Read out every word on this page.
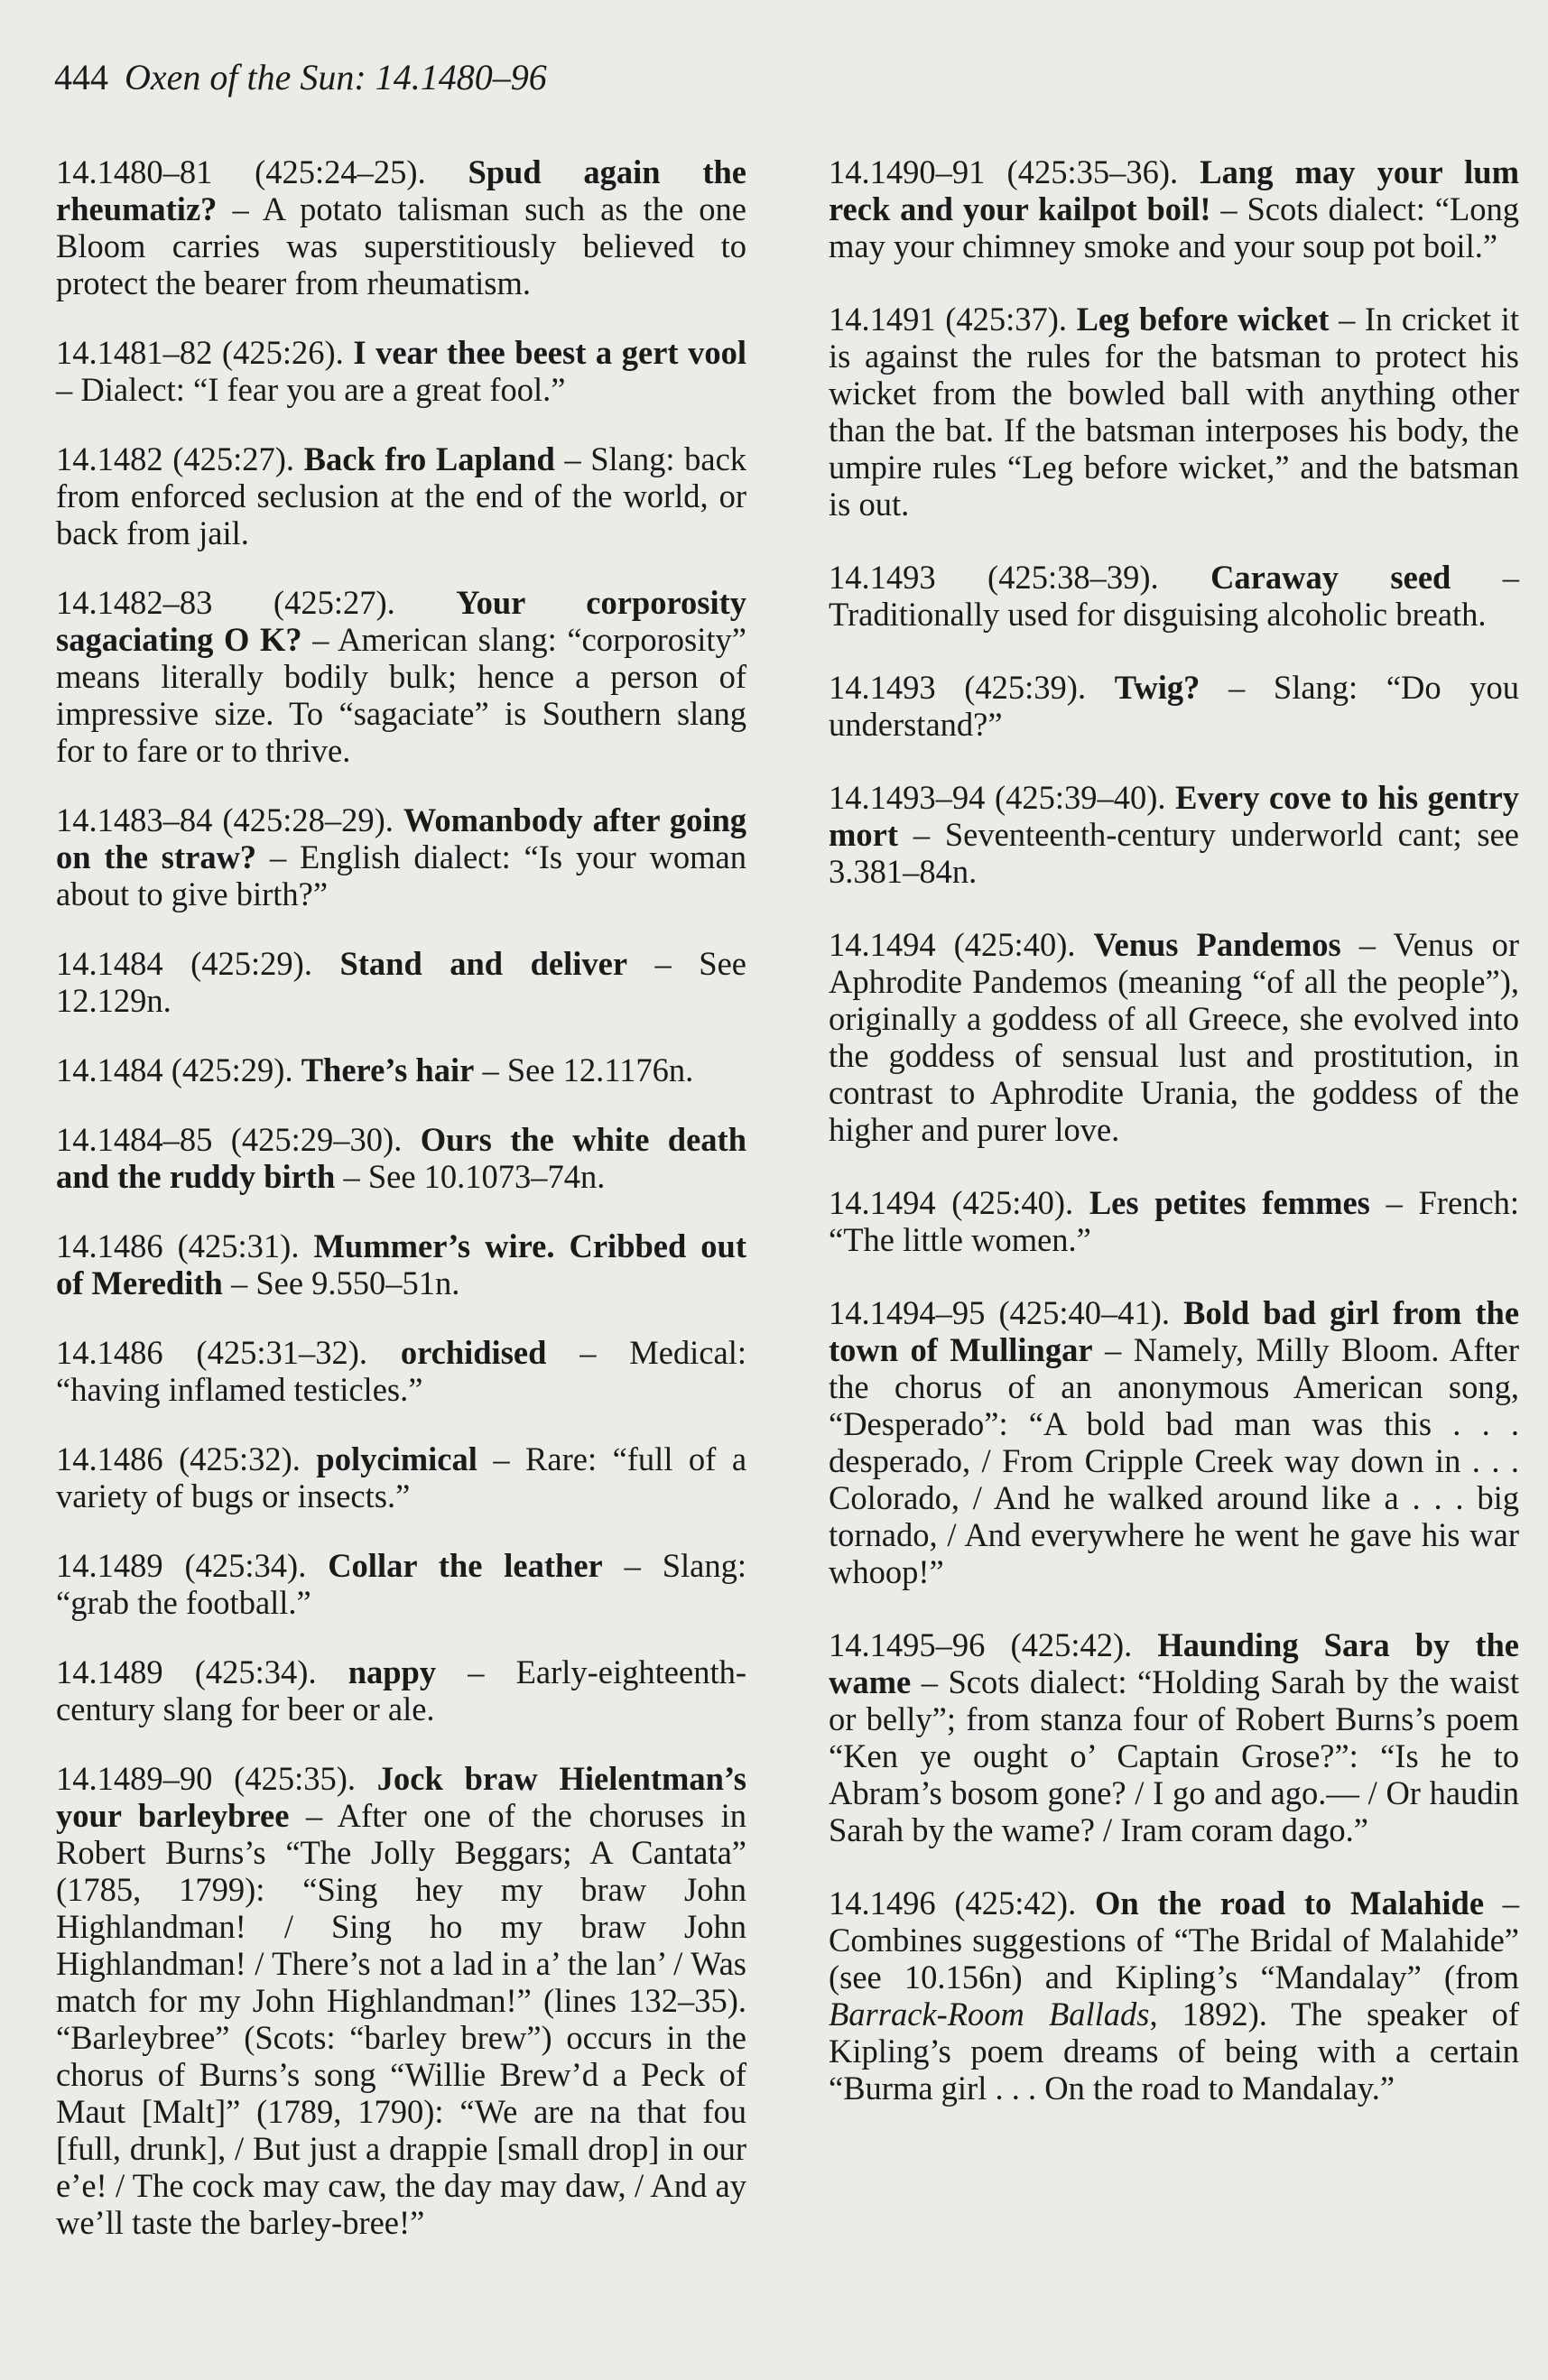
444 Oxen of the Sun: 14.1480–96

14.1480–81 (425:24–25). Spud again the rheumatiz? – A potato talisman such as the one Bloom carries was superstitiously believed to protect the bearer from rheumatism.

14.1481–82 (425:26). I vear thee beest a gert vool – Dialect: “I fear you are a great fool.”

14.1482 (425:27). Back fro Lapland – Slang: back from enforced seclusion at the end of the world, or back from jail.

14.1482–83 (425:27). Your corporosity sagaciating O K? – American slang: “corporosity” means literally bodily bulk; hence a person of impressive size. To “sagaciate” is Southern slang for to fare or to thrive.

14.1483–84 (425:28–29). Womanbody after going on the straw? – English dialect: “Is your woman about to give birth?”

14.1484 (425:29). Stand and deliver – See 12.129n.

14.1484 (425:29). There’s hair – See 12.1176n.

14.1484–85 (425:29–30). Ours the white death and the ruddy birth – See 10.1073–74n.

14.1486 (425:31). Mummer’s wire. Cribbed out of Meredith – See 9.550–51n.

14.1486 (425:31–32). orchidised – Medical: “having inflamed testicles.”

14.1486 (425:32). polycimical – Rare: “full of a variety of bugs or insects.”

14.1489 (425:34). Collar the leather – Slang: “grab the football.”

14.1489 (425:34). nappy – Early-eighteenth-century slang for beer or ale.

14.1489–90 (425:35). Jock braw Hielentman’s your barleybree – After one of the choruses in Robert Burns’s “The Jolly Beggars; A Cantata” (1785, 1799): “Sing hey my braw John Highlandman! / Sing ho my braw John Highlandman! / There’s not a lad in a’ the lan’ / Was match for my John Highlandman!” (lines 132–35). “Barleybree” (Scots: “barley brew”) occurs in the chorus of Burns’s song “Willie Brew’d a Peck of Maut [Malt]” (1789, 1790): “We are na that fou [full, drunk], / But just a drappie [small drop] in our e’e! / The cock may caw, the day may daw, / And ay we’ll taste the barley-bree!”

14.1490–91 (425:35–36). Lang may your lum reck and your kailpot boil! – Scots dialect: “Long may your chimney smoke and your soup pot boil.”

14.1491 (425:37). Leg before wicket – In cricket it is against the rules for the batsman to protect his wicket from the bowled ball with anything other than the bat. If the batsman interposes his body, the umpire rules “Leg before wicket,” and the batsman is out.

14.1493 (425:38–39). Caraway seed – Traditionally used for disguising alcoholic breath.

14.1493 (425:39). Twig? – Slang: “Do you understand?”

14.1493–94 (425:39–40). Every cove to his gentry mort – Seventeenth-century underworld cant; see 3.381–84n.

14.1494 (425:40). Venus Pandemos – Venus or Aphrodite Pandemos (meaning “of all the people”), originally a goddess of all Greece, she evolved into the goddess of sensual lust and prostitution, in contrast to Aphrodite Urania, the goddess of the higher and purer love.

14.1494 (425:40). Les petites femmes – French: “The little women.”

14.1494–95 (425:40–41). Bold bad girl from the town of Mullingar – Namely, Milly Bloom. After the chorus of an anonymous American song, “Desperado”: “A bold bad man was this . . . desperado, / From Cripple Creek way down in . . . Colorado, / And he walked around like a . . . big tornado, / And everywhere he went he gave his war whoop!”

14.1495–96 (425:42). Haunding Sara by the wame – Scots dialect: “Holding Sarah by the waist or belly”; from stanza four of Robert Burns’s poem “Ken ye ought o’ Captain Grose?”: “Is he to Abram’s bosom gone? / I go and ago.— / Or haudin Sarah by the wame? / Iram coram dago.”

14.1496 (425:42). On the road to Malahide – Combines suggestions of “The Bridal of Malahide” (see 10.156n) and Kipling’s “Mandalay” (from Barrack-Room Ballads, 1892). The speaker of Kipling’s poem dreams of being with a certain “Burma girl . . . On the road to Mandalay.”
